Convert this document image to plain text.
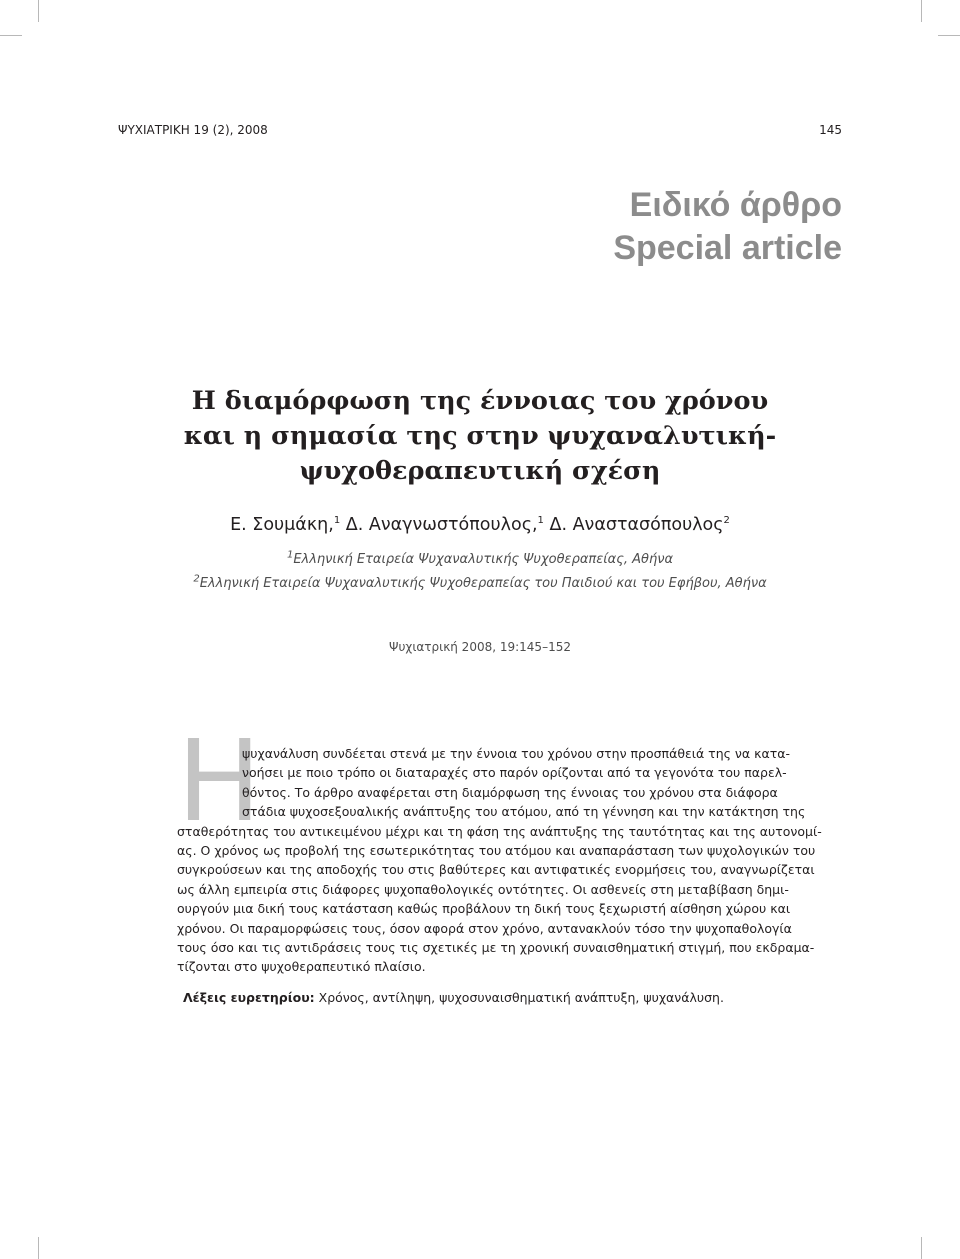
ΨΥΧΙΑΤΡΙΚΗ 19 (2), 2008	145
Ειδικό άρθρο
Special article
Η διαμόρφωση της έννοιας του χρόνου
και η σημασία της στην ψυχαναλυτική-
ψυχοθεραπευτική σχέση
Ε. Σουμάκη,$^1$ Δ. Αναγνωστόπουλος,$^1$ Δ. Αναστασόπουλος$^2$
$^1$Ελληνική Εταιρεία Ψυχαναλυτικής Ψυχοθεραπείας, Αθήνα
$^2$Ελληνική Εταιρεία Ψυχαναλυτικής Ψυχοθεραπείας του Παιδιού και του Εφήβου, Αθήνα
Ψυχιατρική 2008, 19:145–152
Η
ψυχανάλυση συνδέεται στενά με την έννοια του χρόνου στην προσπάθειά της να κατα-
νοήσει με ποιο τρόπο οι διαταραχές στο παρόν ορίζονται από τα γεγονότα του παρελ-
θόντος. Το άρθρο αναφέρεται στη διαμόρφωση της έννοιας του χρόνου στα διάφορα
στάδια ψυχοσεξουαλικής ανάπτυξης του ατόμου, από τη γέννηση και την κατάκτηση της
σταθερότητας του αντικειμένου μέχρι και τη φάση της ανάπτυξης της ταυτότητας και της αυτονομί-
ας. Ο χρόνος ως προβολή της εσωτερικότητας του ατόμου και αναπαράσταση των ψυχολογικών του
συγκρούσεων και της αποδοχής του στις βαθύτερες και αντιφατικές ενορμήσεις του, αναγνωρίζεται
ως άλλη εμπειρία στις διάφορες ψυχοπαθολογικές οντότητες. Οι ασθενείς στη μεταβίβαση δημι-
ουργούν μια δική τους κατάσταση καθώς προβάλουν τη δική τους ξεχωριστή αίσθηση χώρου και
χρόνου. Οι παραμορφώσεις τους, όσον αφορά στον χρόνο, αντανακλούν τόσο την ψυχοπαθολογία
τους όσο και τις αντιδράσεις τους τις σχετικές με τη χρονική συναισθηματική στιγμή, που εκδραμα-
τίζονται στο ψυχοθεραπευτικό πλαίσιο.
Λέξεις ευρετηρίου: Χρόνος, αντίληψη, ψυχοσυναισθηματική ανάπτυξη, ψυχανάλυση.
